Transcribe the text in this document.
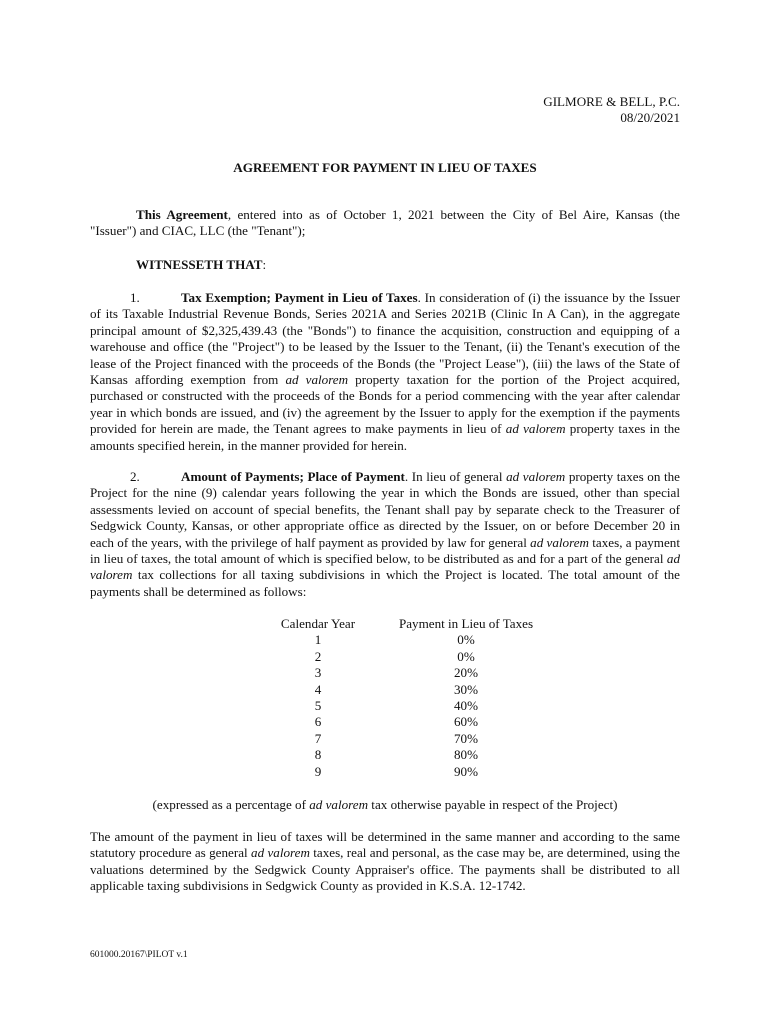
GILMORE & BELL, P.C.
08/20/2021
AGREEMENT FOR PAYMENT IN LIEU OF TAXES
This Agreement, entered into as of October 1, 2021 between the City of Bel Aire, Kansas (the "Issuer") and CIAC, LLC (the "Tenant");
WITNESSETH THAT:
1.	Tax Exemption; Payment in Lieu of Taxes. In consideration of (i) the issuance by the Issuer of its Taxable Industrial Revenue Bonds, Series 2021A and Series 2021B (Clinic In A Can), in the aggregate principal amount of $2,325,439.43 (the "Bonds") to finance the acquisition, construction and equipping of a warehouse and office (the "Project") to be leased by the Issuer to the Tenant, (ii) the Tenant's execution of the lease of the Project financed with the proceeds of the Bonds (the "Project Lease"), (iii) the laws of the State of Kansas affording exemption from ad valorem property taxation for the portion of the Project acquired, purchased or constructed with the proceeds of the Bonds for a period commencing with the year after calendar year in which bonds are issued, and (iv) the agreement by the Issuer to apply for the exemption if the payments provided for herein are made, the Tenant agrees to make payments in lieu of ad valorem property taxes in the amounts specified herein, in the manner provided for herein.
2.	Amount of Payments; Place of Payment. In lieu of general ad valorem property taxes on the Project for the nine (9) calendar years following the year in which the Bonds are issued, other than special assessments levied on account of special benefits, the Tenant shall pay by separate check to the Treasurer of Sedgwick County, Kansas, or other appropriate office as directed by the Issuer, on or before December 20 in each of the years, with the privilege of half payment as provided by law for general ad valorem taxes, a payment in lieu of taxes, the total amount of which is specified below, to be distributed as and for a part of the general ad valorem tax collections for all taxing subdivisions in which the Project is located. The total amount of the payments shall be determined as follows:
Calendar Year		Payment in Lieu of Taxes
1		0%
2		0%
3		20%
4		30%
5		40%
6		60%
7		70%
8		80%
9		90%
(expressed as a percentage of ad valorem tax otherwise payable in respect of the Project)
The amount of the payment in lieu of taxes will be determined in the same manner and according to the same statutory procedure as general ad valorem taxes, real and personal, as the case may be, are determined, using the valuations determined by the Sedgwick County Appraiser's office. The payments shall be distributed to all applicable taxing subdivisions in Sedgwick County as provided in K.S.A. 12-1742.
601000.20167\PILOT v.1
